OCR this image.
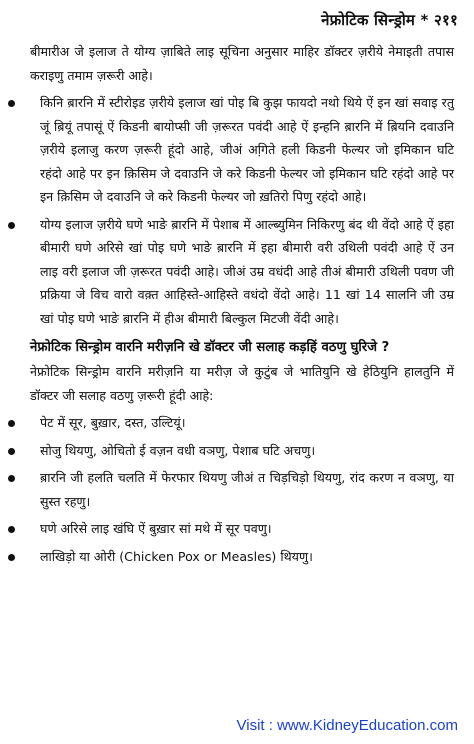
नेफ्रोटिक सिन्ड्रोम * २११

बीमारीअ जे इलाज ते योग्य ज़ाबिते लाइ सूचिना अनुसार माहिर डॉक्टर ज़रीये नेमाइती तपास कराइणु तमाम ज़रूरी आहे।

किनि ब़ारनि में स्टीरोइड ज़रीये इलाज खां पोइ बि कुझ फायदो नथो थिये ऐं इन खां सवाइ रतु जूं ब़ियूं तपासूं ऐं किडनी बायोप्सी जी ज़रूरत पवंदी आहे ऐं इन्हनि ब़ारनि में ब़ियनि दवाउनि ज़रीये इलाजु करण ज़रूरी हूंदो आहे, जीअं अगि़ते हली किडनी फेल्यर जो इमिकान घटि रहंदो आहे पर इन क़िसिम जे दवाउनि जे करे किडनी फेल्यर जो इमिकान घटि रहंदो आहे पर इन क़िसिम जे दवाउनि जे करे किडनी फेल्यर जो ख़तिरो पिणु रहंदो आहे।
योग्य इलाज ज़रीये घणे भाङे ब़ारनि में पेशाब में आल्ब्युमिन निकिरणु बंद थी वेंदो आहे ऐं इहा बीमारी घणे अरिसे खां पोइ घणे भाङे ब़ारनि में इहा बीमारी वरी उथिली पवंदी आहे ऐं उन लाइ वरी इलाज जी ज़रूरत पवंदी आहे। जीअं उम्र वधंदी आहे तीअं बीमारी उथिली पवण जी प्रक्रिया जे विच वारो वक़्त आहिस्ते-आहिस्ते वधंदो वेंदो आहे। 11 खां 14 सालनि जी उम्र खां पोइ घणे भाङे ब़ारनि में हीअ बीमारी बिल्कुल मिटजी वेंदी आहे।
नेफ्रोटिक सिन्ड्रोम वारनि मरीज़नि खे डॉक्टर जी सलाह कड़हिं वठणु घुरिजे ?

नेफ्रोटिक सिन्ड्रोम वारनि मरीज़नि या मरीज़ जे कुटुंब जे भातियुनि खे हेठियुनि हालतुनि में डॉक्टर जी सलाह वठणु ज़रूरी हूंदी आहे:

पेट में सूर, बुख़ार, दस्त, उल्टियूं।
सोजु थियणु, ओचितो ई वज़न वधी वञणु, पेशाब घटि अचणु।
ब़ारनि जी हलति चलति में फेरफार थियणु जीअं त चिड़चिड़ो थियणु, रांद करण न वञणु, या सुस्त रहणु।
घणे अरिसे लाइ खंघि ऐं बुख़ार सां मथे में सूर पवणु।
लाखिड़ो या ओरी (Chicken Pox or Measles) थियणु।
Visit : www.KidneyEducation.com
